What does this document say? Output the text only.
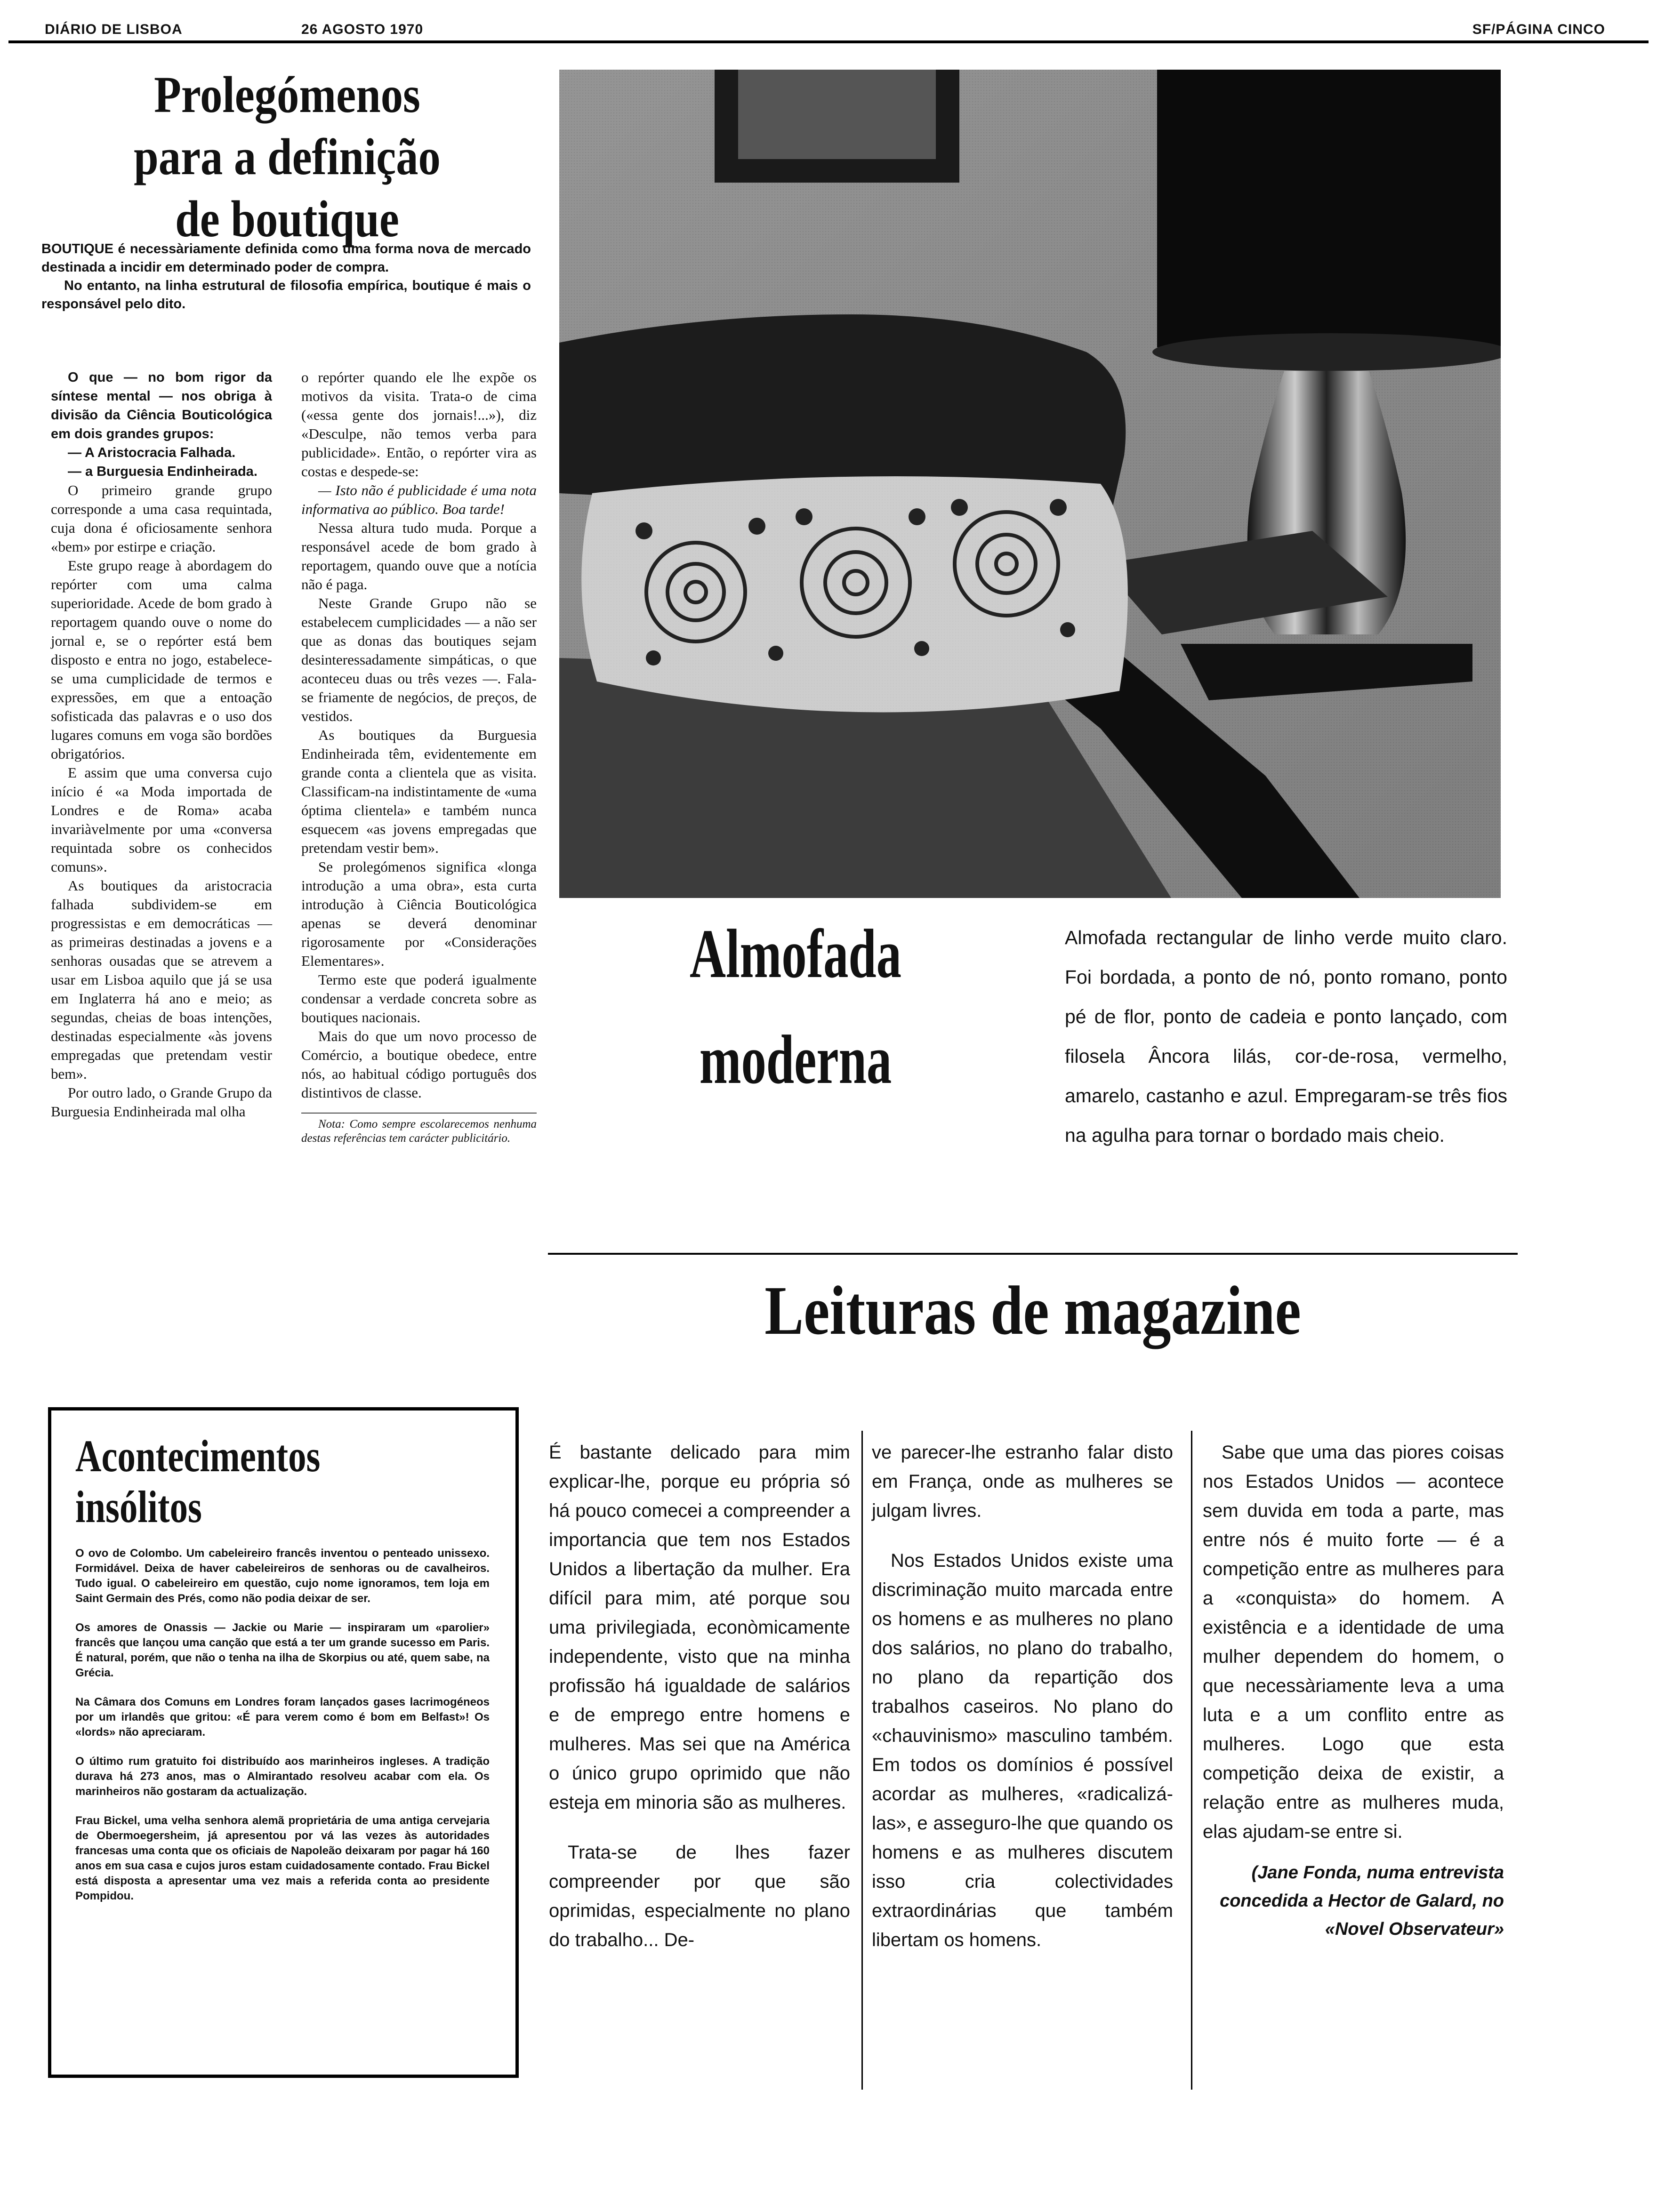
DIÁRIO DE LISBOA	26 AGOSTO 1970	SF/PÁGINA CINCO
Prolegómenos
para a definição
de boutique

BOUTIQUE é necessàriamente definida como uma forma nova de mercado destinada a incidir em determinado poder de compra.

No entanto, na linha estrutural de filosofia empírica, boutique é mais o responsável pelo dito.

O que — no bom rigor da síntese mental — nos obriga à divisão da Ciência Bouticológica em dois grandes grupos:

— A Aristocracia Falhada.

— a Burguesia Endinheirada.

O primeiro grande grupo corresponde a uma casa requintada, cuja dona é oficiosamente senhora «bem» por estirpe e criação.

Este grupo reage à abordagem do repórter com uma calma superioridade. Acede de bom grado à reportagem quando ouve o nome do jornal e, se o repórter está bem disposto e entra no jogo, estabelece-se uma cumplicidade de termos e expressões, em que a entoação sofisticada das palavras e o uso dos lugares comuns em voga são bordões obrigatórios.

E assim que uma conversa cujo início é «a Moda importada de Londres e de Roma» acaba invariàvelmente por uma «conversa requintada sobre os conhecidos comuns».

As boutiques da aristocracia falhada subdividem-se em progressistas e em democráticas — as primeiras destinadas a jovens e a senhoras ousadas que se atrevem a usar em Lisboa aquilo que já se usa em Inglaterra há ano e meio; as segundas, cheias de boas intenções, destinadas especialmente «às jovens empregadas que pretendam vestir bem».

Por outro lado, o Grande Grupo da Burguesia Endinheirada mal olha

o repórter quando ele lhe expõe os motivos da visita. Trata-o de cima («essa gente dos jornais!...»), diz «Desculpe, não temos verba para publicidade». Então, o repórter vira as costas e despede-se:

— Isto não é publicidade é uma nota informativa ao público. Boa tarde!

Nessa altura tudo muda. Porque a responsável acede de bom grado à reportagem, quando ouve que a notícia não é paga.

Neste Grande Grupo não se estabelecem cumplicidades — a não ser que as donas das boutiques sejam desinteressadamente simpáticas, o que aconteceu duas ou três vezes —. Fala-se friamente de negócios, de preços, de vestidos.

As boutiques da Burguesia Endinheirada têm, evidentemente em grande conta a clientela que as visita. Classificam-na indistintamente de «uma óptima clientela» e também nunca esquecem «as jovens empregadas que pretendam vestir bem».

Se prolegómenos significa «longa introdução a uma obra», esta curta introdução à Ciência Bouticológica apenas se deverá denominar rigorosamente por «Considerações Elementares».

Termo este que poderá igualmente condensar a verdade concreta sobre as boutiques nacionais.

Mais do que um novo processo de Comércio, a boutique obedece, entre nós, ao habitual código português dos distintivos de classe.

Nota: Como sempre escolarecemos nenhuma destas referências tem carácter publicitário.

Almofada
moderna
Almofada rectangular de linho verde muito claro. Foi bordada, a ponto de nó, ponto romano, ponto pé de flor, ponto de cadeia e ponto lançado, com filosela Âncora lilás, cor-de-rosa, vermelho, amarelo, castanho e azul. Empregaram-se três fios na agulha para tornar o bordado mais cheio.
Leituras de magazine

É bastante delicado para mim explicar-lhe, porque eu própria só há pouco comecei a compreender a importancia que tem nos Estados Unidos a libertação da mulher. Era difícil para mim, até porque sou uma privilegiada, econòmicamente independente, visto que na minha profissão há igualdade de salários e de emprego entre homens e mulheres. Mas sei que na América o único grupo oprimido que não esteja em minoria são as mulheres.

Trata-se de lhes fazer compreender por que são oprimidas, especialmente no plano do trabalho... De-

ve parecer-lhe estranho falar disto em França, onde as mulheres se julgam livres.

Nos Estados Unidos existe uma discriminação muito marcada entre os homens e as mulheres no plano dos salários, no plano do trabalho, no plano da repartição dos trabalhos caseiros. No plano do «chauvinismo» masculino também. Em todos os domínios é possível acordar as mulheres, «radicalizá-las», e asseguro-lhe que quando os homens e as mulheres discutem isso cria colectividades extraordinárias que também libertam os homens.

Sabe que uma das piores coisas nos Estados Unidos — acontece sem duvida em toda a parte, mas entre nós é muito forte — é a competição entre as mulheres para a «conquista» do homem. A existência e a identidade de uma mulher dependem do homem, o que necessàriamente leva a uma luta e a um conflito entre as mulheres. Logo que esta competição deixa de existir, a relação entre as mulheres muda, elas ajudam-se entre si.

(Jane Fonda, numa entrevista concedida a Hector de Galard, no «Novel Observateur»
Acontecimentos
insólitos

O ovo de Colombo. Um cabeleireiro francês inventou o penteado unissexo. Formidável. Deixa de haver cabeleireiros de senhoras ou de cavalheiros. Tudo igual. O cabeleireiro em questão, cujo nome ignoramos, tem loja em Saint Germain des Prés, como não podia deixar de ser.

Os amores de Onassis — Jackie ou Marie — inspiraram um «parolier» francês que lançou uma canção que está a ter um grande sucesso em Paris. É natural, porém, que não o tenha na ilha de Skorpius ou até, quem sabe, na Grécia.

Na Câmara dos Comuns em Londres foram lançados gases lacrimogéneos por um irlandês que gritou: «É para verem como é bom em Belfast»! Os «lords» não apreciaram.

O último rum gratuito foi distribuído aos marinheiros ingleses. A tradição durava há 273 anos, mas o Almirantado resolveu acabar com ela. Os marinheiros não gostaram da actualização.

Frau Bickel, uma velha senhora alemã proprietária de uma antiga cervejaria de Obermoegersheim, já apresentou por vá las vezes às autoridades francesas uma conta que os oficiais de Napoleão deixaram por pagar há 160 anos em sua casa e cujos juros estam cuidadosamente contado. Frau Bickel está disposta a apresentar uma vez mais a referida conta ao presidente Pompidou.
